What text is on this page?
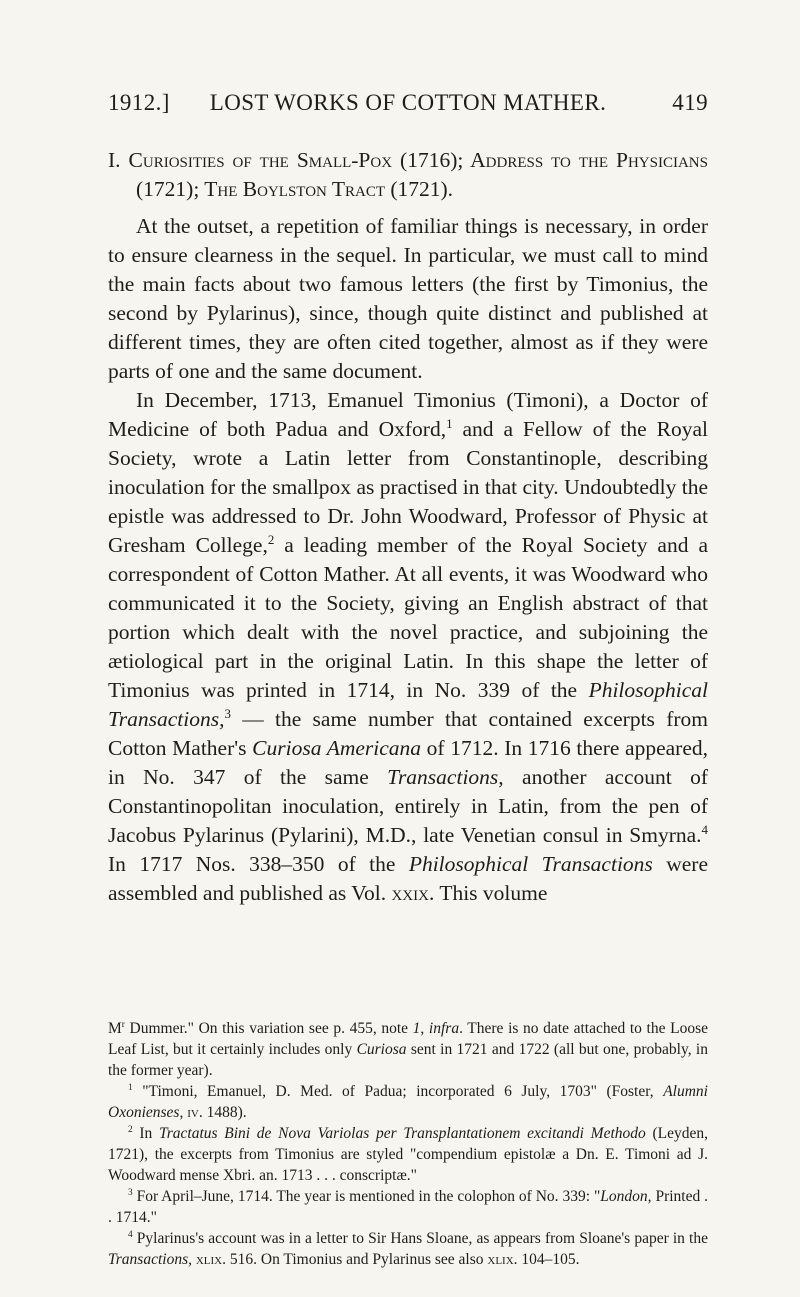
1912.]	LOST WORKS OF COTTON MATHER.	419

I. Curiosities of the Small-Pox (1716); Address to the Physicians (1721); The Boylston Tract (1721).

At the outset, a repetition of familiar things is necessary, in order to ensure clearness in the sequel. In particular, we must call to mind the main facts about two famous letters (the first by Timonius, the second by Pylarinus), since, though quite distinct and published at different times, they are often cited together, almost as if they were parts of one and the same document.

In December, 1713, Emanuel Timonius (Timoni), a Doctor of Medicine of both Padua and Oxford,$^1$ and a Fellow of the Royal Society, wrote a Latin letter from Constantinople, describing inoculation for the smallpox as practised in that city. Undoubtedly the epistle was addressed to Dr. John Woodward, Professor of Physic at Gresham College,$^2$ a leading member of the Royal Society and a correspondent of Cotton Mather. At all events, it was Woodward who communicated it to the Society, giving an English abstract of that portion which dealt with the novel practice, and subjoining the ætiological part in the original Latin. In this shape the letter of Timonius was printed in 1714, in No. 339 of the Philosophical Transactions,$^3$ — the same number that contained excerpts from Cotton Mather's Curiosa Americana of 1712. In 1716 there appeared, in No. 347 of the same Transactions, another account of Constantinopolitan inoculation, entirely in Latin, from the pen of Jacobus Pylarinus (Pylarini), M.D., late Venetian consul in Smyrna.$^4$ In 1717 Nos. 338–350 of the Philosophical Transactions were assembled and published as Vol. xxix. This volume

$M^r$ Dummer." On this variation see p. 455, note 1, infra. There is no date attached to the Loose Leaf List, but it certainly includes only Curiosa sent in 1721 and 1722 (all but one, probably, in the former year).

$^1$ "Timoni, Emanuel, D. Med. of Padua; incorporated 6 July, 1703" (Foster, Alumni Oxonienses, iv. 1488).

$^2$ In Tractatus Bini de Nova Variolas per Transplantationem excitandi Methodo (Leyden, 1721), the excerpts from Timonius are styled "compendium epistolæ a Dn. E. Timoni ad J. Woodward mense Xbri. an. 1713 . . . conscriptæ."

$^3$ For April–June, 1714. The year is mentioned in the colophon of No. 339: "London, Printed . . 1714."

$^4$ Pylarinus's account was in a letter to Sir Hans Sloane, as appears from Sloane's paper in the Transactions, xlix. 516. On Timonius and Pylarinus see also xlix. 104–105.
